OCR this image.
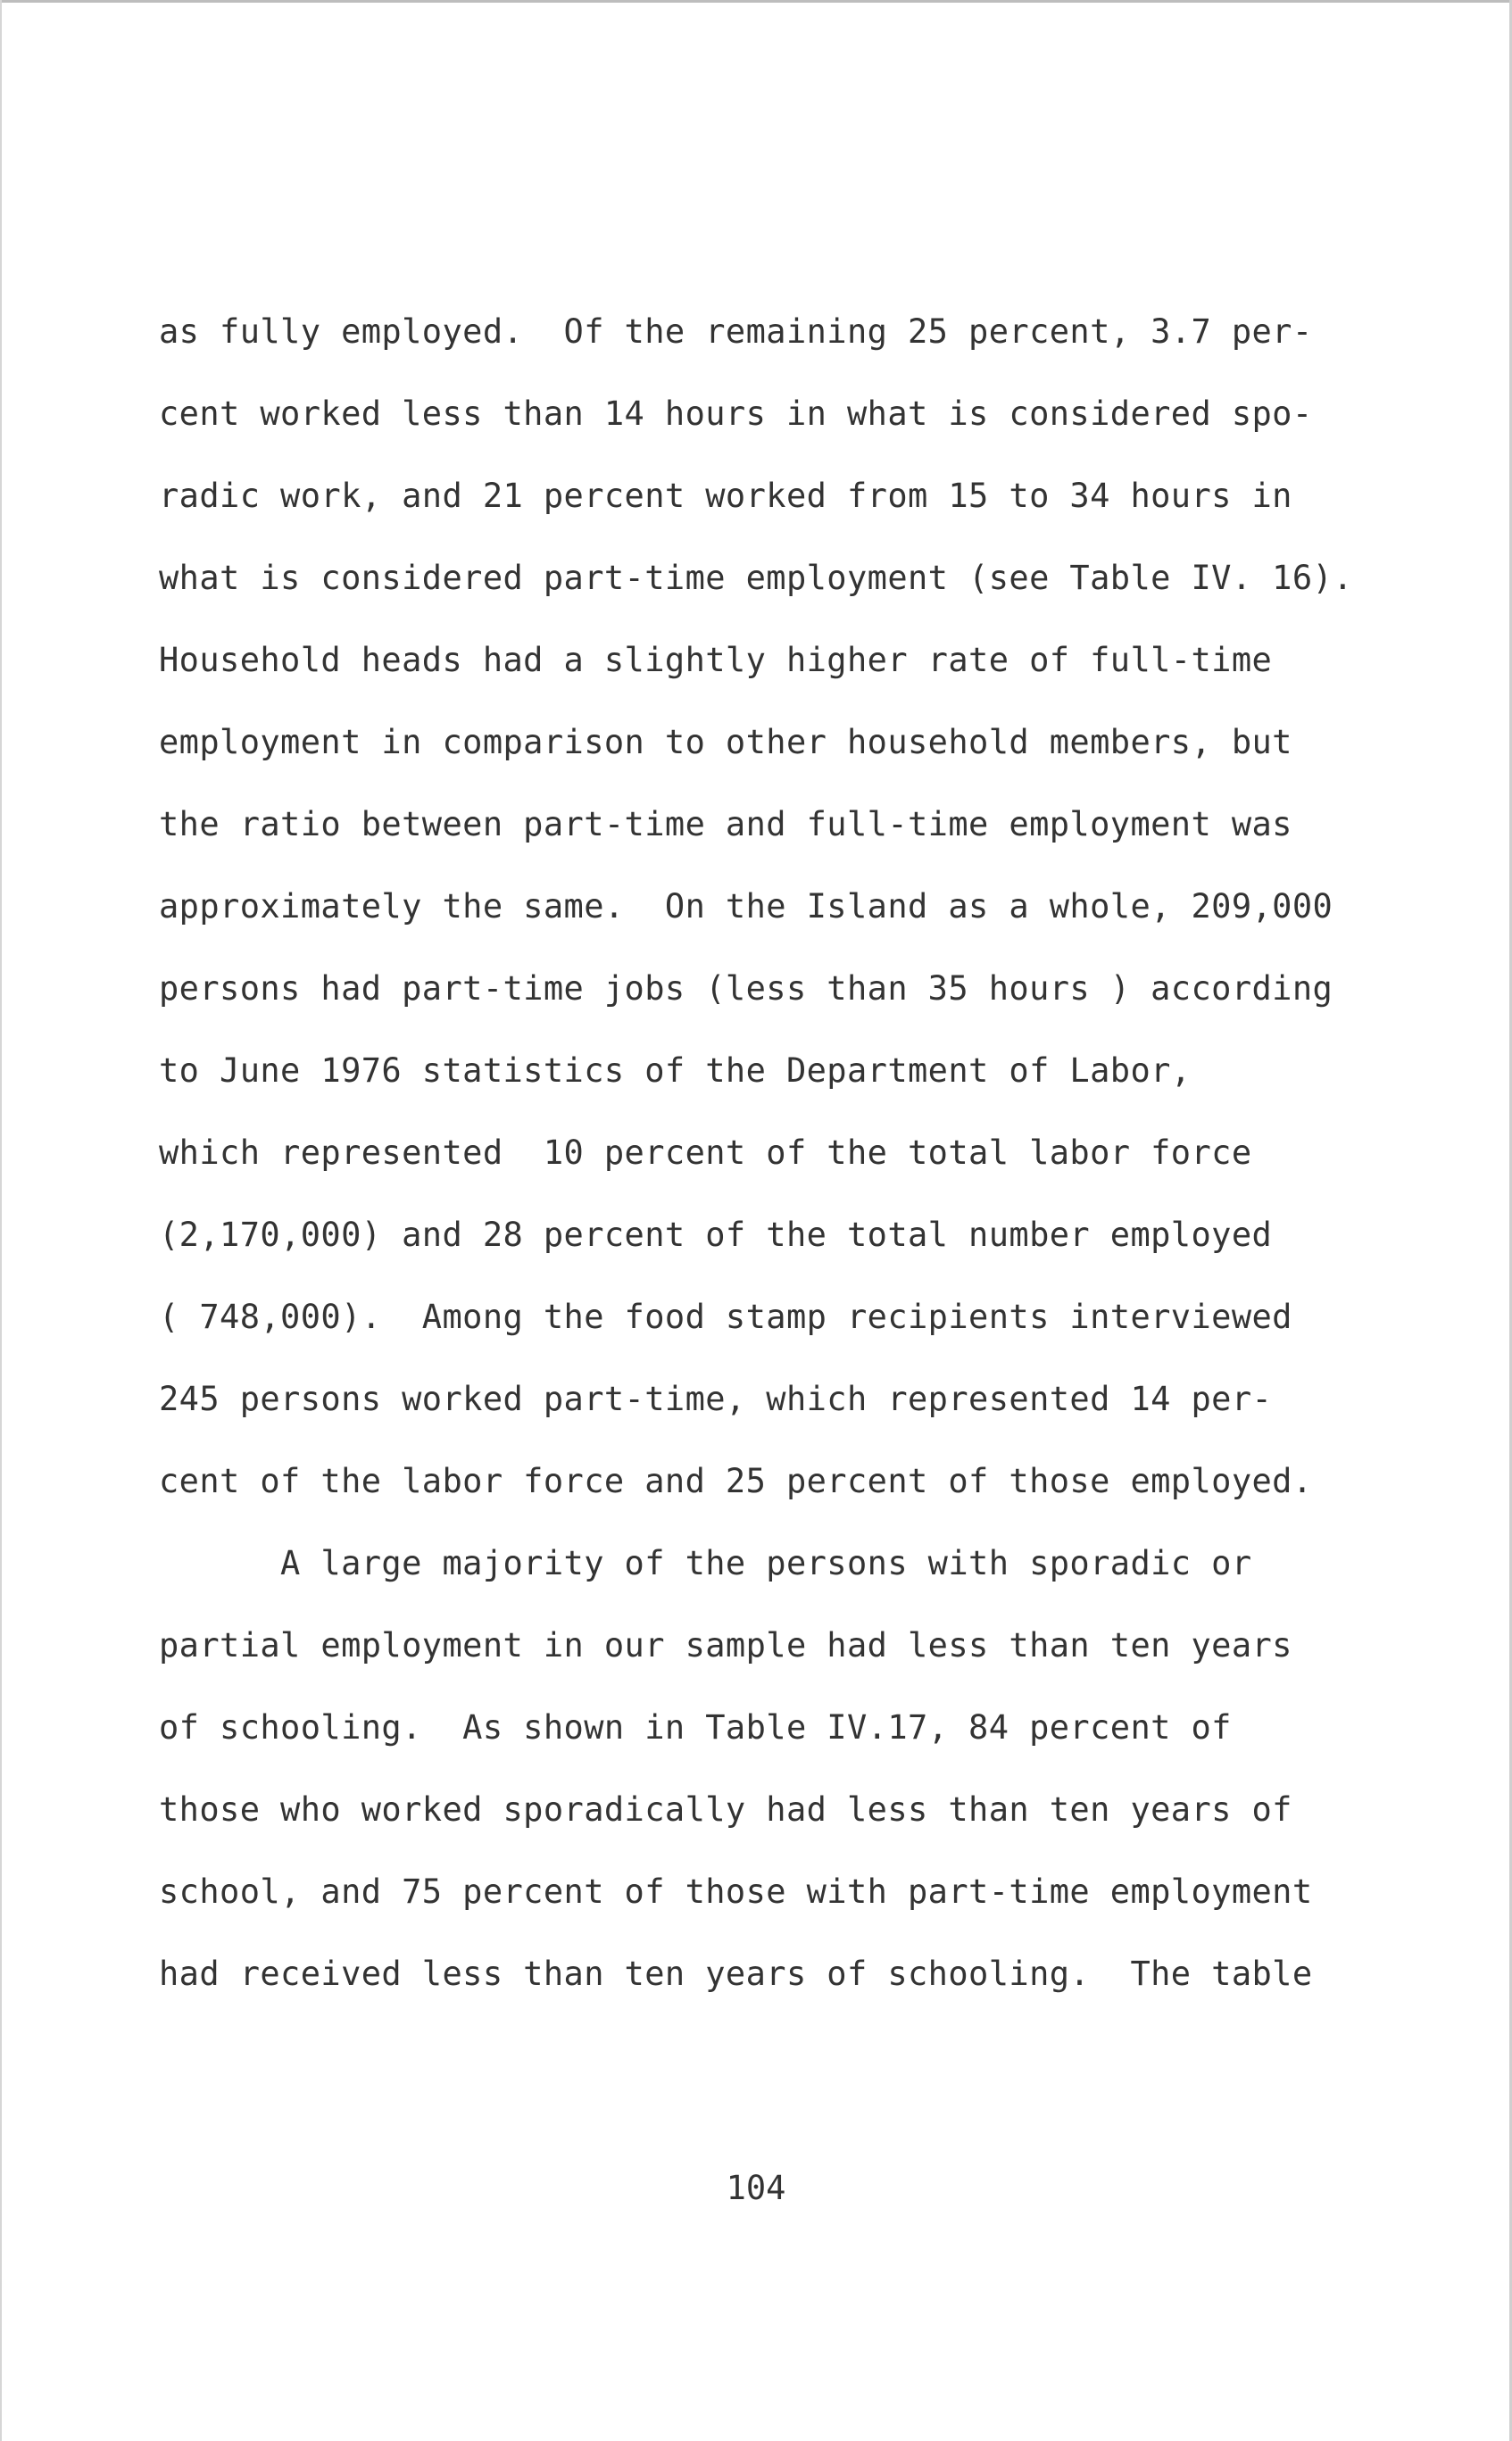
as fully employed.  Of the remaining 25 percent, 3.7 per-
cent worked less than 14 hours in what is considered spo-
radic work, and 21 percent worked from 15 to 34 hours in
what is considered part-time employment (see Table IV. 16).
Household heads had a slightly higher rate of full-time
employment in comparison to other household members, but
the ratio between part-time and full-time employment was
approximately the same.  On the Island as a whole, 209,000
persons had part-time jobs (less than 35 hours ) according
to June 1976 statistics of the Department of Labor,
which represented  10 percent of the total labor force
(2,170,000) and 28 percent of the total number employed
( 748,000).  Among the food stamp recipients interviewed
245 persons worked part-time, which represented 14 per-
cent of the labor force and 25 percent of those employed.
A large majority of the persons with sporadic or
partial employment in our sample had less than ten years
of schooling.  As shown in Table IV.17, 84 percent of
those who worked sporadically had less than ten years of
school, and 75 percent of those with part-time employment
had received less than ten years of schooling.  The table
104
